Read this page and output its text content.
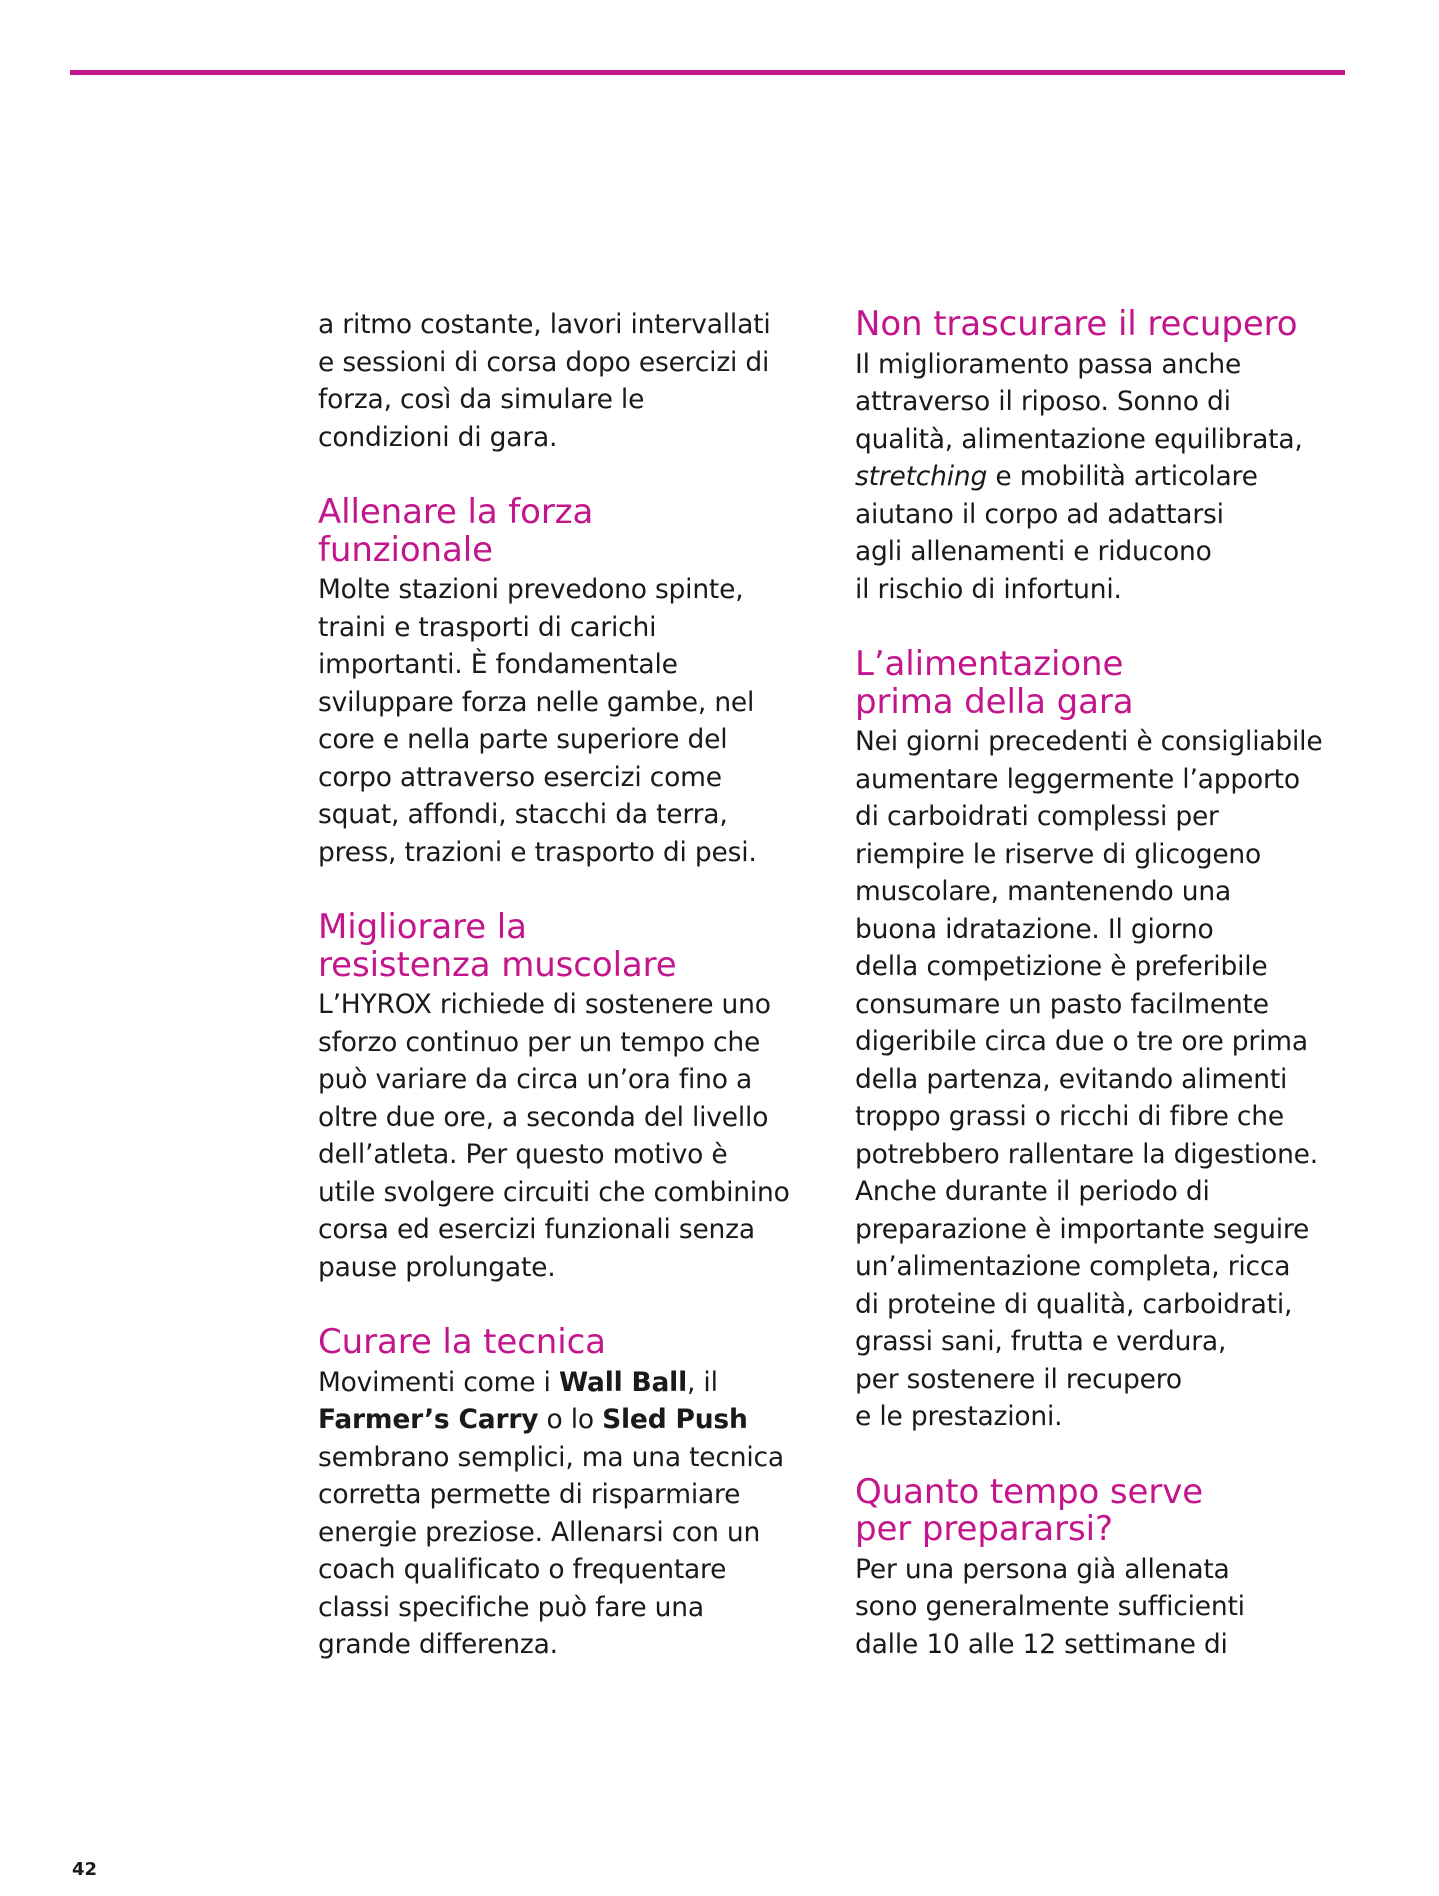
a ritmo costante, lavori intervallati
e sessioni di corsa dopo esercizi di
forza, così da simulare le
condizioni di gara.

Allenare la forza
funzionale

Molte stazioni prevedono spinte,
traini e trasporti di carichi
importanti. È fondamentale
sviluppare forza nelle gambe, nel
core e nella parte superiore del
corpo attraverso esercizi come
squat, affondi, stacchi da terra,
press, trazioni e trasporto di pesi.

Migliorare la
resistenza muscolare

L’HYROX richiede di sostenere uno
sforzo continuo per un tempo che
può variare da circa un’ora fino a
oltre due ore, a seconda del livello
dell’atleta. Per questo motivo è
utile svolgere circuiti che combinino
corsa ed esercizi funzionali senza
pause prolungate.

Curare la tecnica

Movimenti come i Wall Ball, il
Farmer’s Carry o lo Sled Push
sembrano semplici, ma una tecnica
corretta permette di risparmiare
energie preziose. Allenarsi con un
coach qualificato o frequentare
classi specifiche può fare una
grande differenza.

Non trascurare il recupero

Il miglioramento passa anche
attraverso il riposo. Sonno di
qualità, alimentazione equilibrata,
stretching e mobilità articolare
aiutano il corpo ad adattarsi
agli allenamenti e riducono
il rischio di infortuni.

L’alimentazione
prima della gara

Nei giorni precedenti è consigliabile
aumentare leggermente l’apporto
di carboidrati complessi per
riempire le riserve di glicogeno
muscolare, mantenendo una
buona idratazione. Il giorno
della competizione è preferibile
consumare un pasto facilmente
digeribile circa due o tre ore prima
della partenza, evitando alimenti
troppo grassi o ricchi di fibre che
potrebbero rallentare la digestione.
Anche durante il periodo di
preparazione è importante seguire
un’alimentazione completa, ricca
di proteine di qualità, carboidrati,
grassi sani, frutta e verdura,
per sostenere il recupero
e le prestazioni.

Quanto tempo serve
per prepararsi?

Per una persona già allenata
sono generalmente sufficienti
dalle 10 alle 12 settimane di

42
